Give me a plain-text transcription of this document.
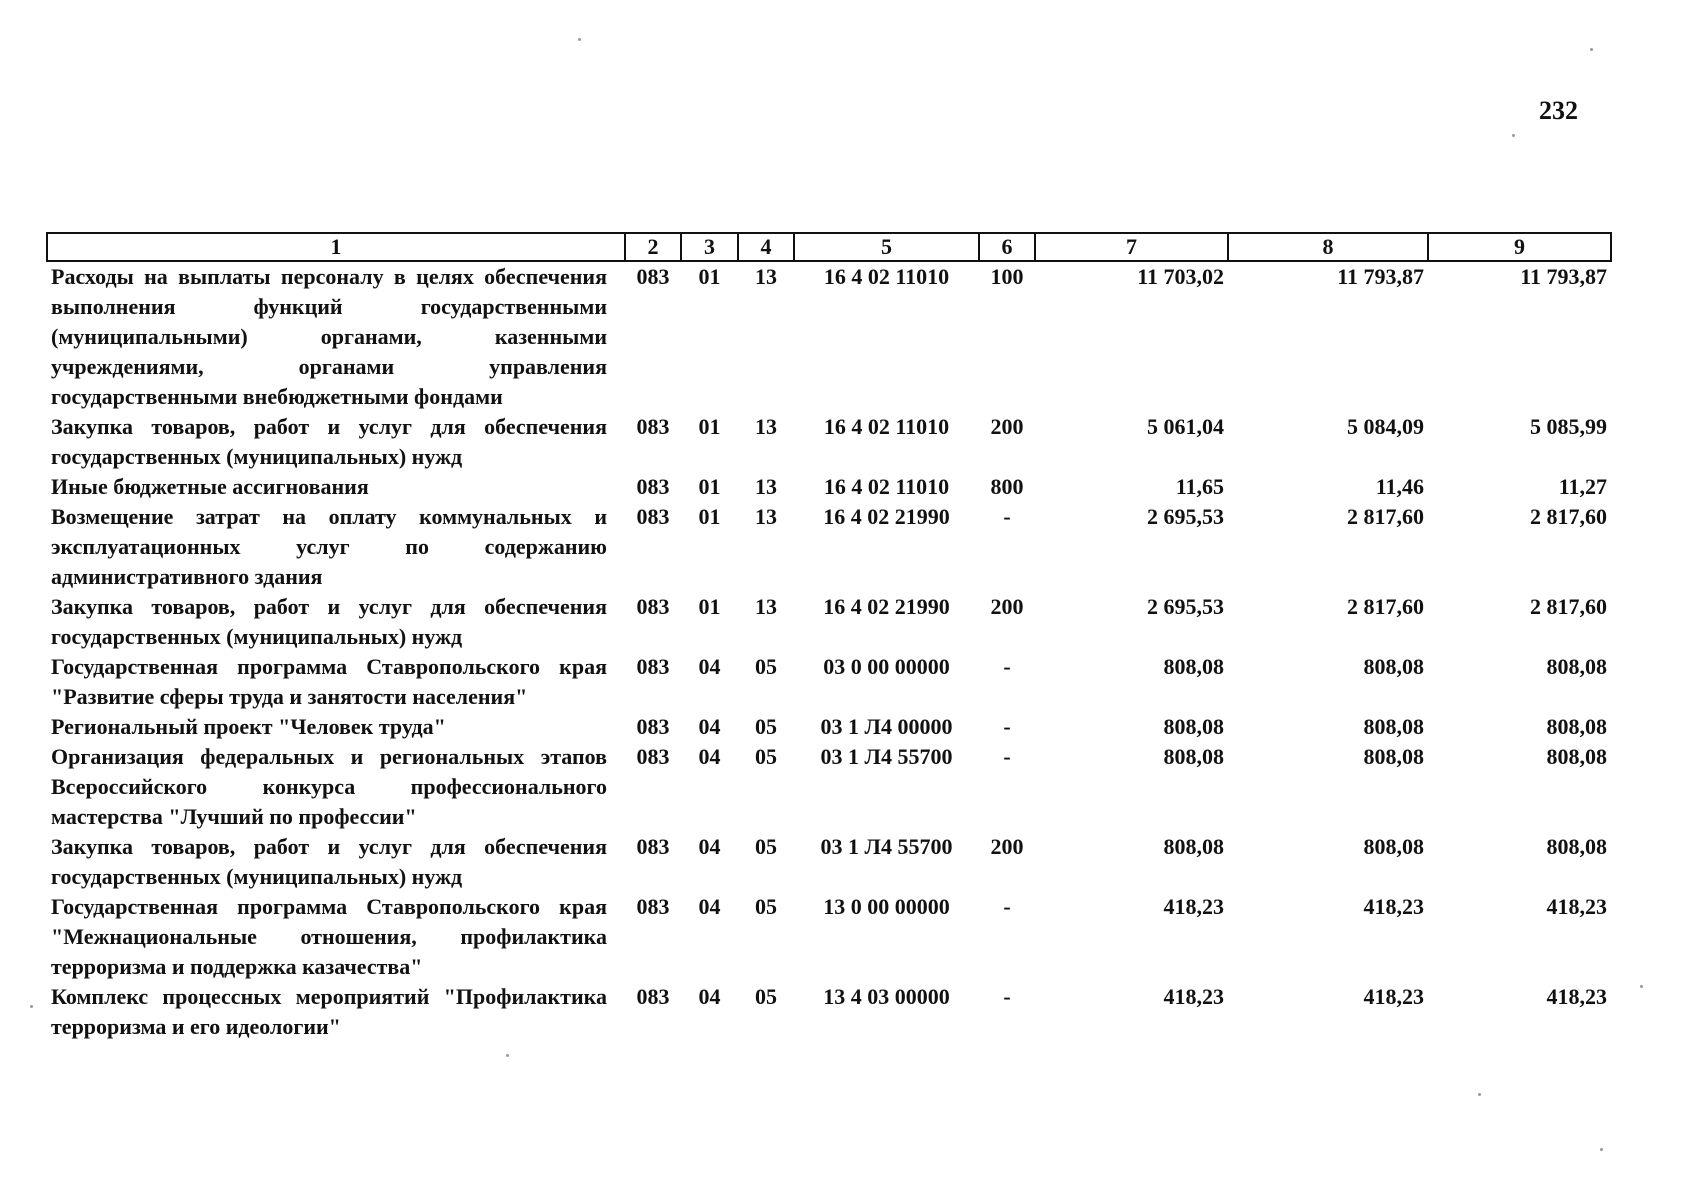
232
1	2	3	4	5	6	7	8	9
Расходы на выплаты персоналу в целях обеспечения выполнения функций государственными (муниципальными) органами, казенными учреждениями, органами управления государственными внебюджетными фондами	083	01	13	16 4 02 11010	100	11 703,02	11 793,87	11 793,87
Закупка товаров, работ и услуг для обеспечения государственных (муниципальных) нужд	083	01	13	16 4 02 11010	200	5 061,04	5 084,09	5 085,99
Иные бюджетные ассигнования	083	01	13	16 4 02 11010	800	11,65	11,46	11,27
Возмещение затрат на оплату коммунальных и эксплуатационных услуг по содержанию административного здания	083	01	13	16 4 02 21990	-	2 695,53	2 817,60	2 817,60
Закупка товаров, работ и услуг для обеспечения государственных (муниципальных) нужд	083	01	13	16 4 02 21990	200	2 695,53	2 817,60	2 817,60
Государственная программа Ставропольского края "Развитие сферы труда и занятости населения"	083	04	05	03 0 00 00000	-	808,08	808,08	808,08
Региональный проект "Человек труда"	083	04	05	03 1 Л4 00000	-	808,08	808,08	808,08
Организация федеральных и региональных этапов Всероссийского конкурса профессионального мастерства "Лучший по профессии"	083	04	05	03 1 Л4 55700	-	808,08	808,08	808,08
Закупка товаров, работ и услуг для обеспечения государственных (муниципальных) нужд	083	04	05	03 1 Л4 55700	200	808,08	808,08	808,08
Государственная программа Ставропольского края "Межнациональные отношения, профилактика терроризма и поддержка казачества"	083	04	05	13 0 00 00000	-	418,23	418,23	418,23
Комплекс процессных мероприятий "Профилактика терроризма и его идеологии"	083	04	05	13 4 03 00000	-	418,23	418,23	418,23
